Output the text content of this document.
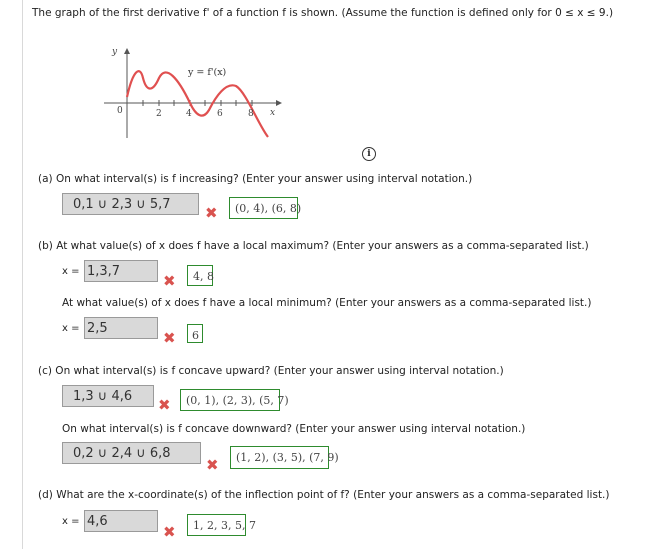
The graph of the first derivative f' of a function f is shown. (Assume the function is defined only for 0 ≤ x ≤ 9.)
y
x
0	2	4	6	8
y = f'(x)
i
(a) On what interval(s) is f increasing? (Enter your answer using interval notation.)
0,1 ∪ 2,3 ∪ 5,7	✖	(0, 4), (6, 8)
(b) At what value(s) of x does f have a local maximum? (Enter your answers as a comma-separated list.)
x = 1,3,7
✖	4, 8
At what value(s) of x does f have a local minimum? (Enter your answers as a comma-separated list.)
x = 2,5
✖	6
(c) On what interval(s) is f concave upward? (Enter your answer using interval notation.)
1,3 ∪ 4,6	✖	(0, 1), (2, 3), (5, 7)
On what interval(s) is f concave downward? (Enter your answer using interval notation.)
0,2 ∪ 2,4 ∪ 6,8
✖	(1, 2), (3, 5), (7, 9)
(d) What are the x-coordinate(s) of the inflection point of f? (Enter your answers as a comma-separated list.)
x = 4,6
✖	1, 2, 3, 5, 7
